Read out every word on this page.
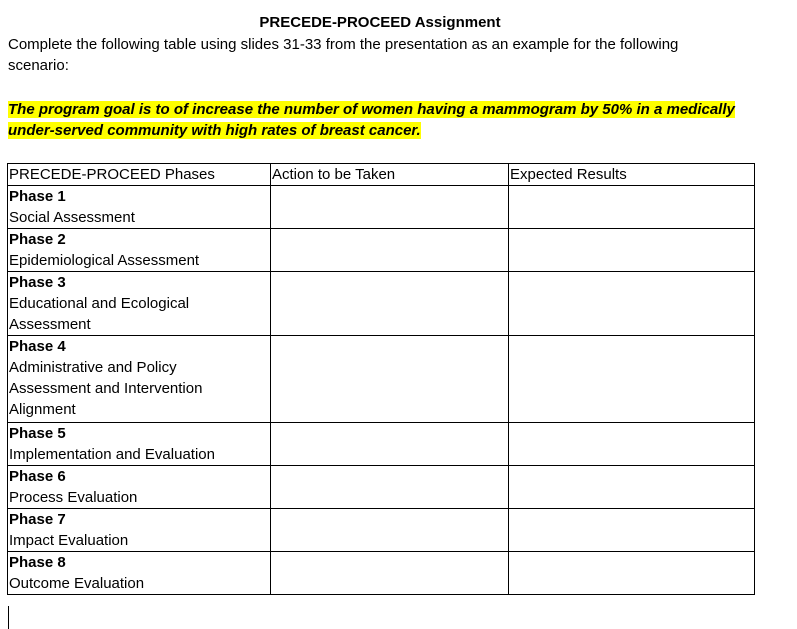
PRECEDE-PROCEED Assignment
Complete the following table using slides 31-33 from the presentation as an example for the following
scenario:
The program goal is to of increase the number of women having a mammogram by 50% in a medically
under-served community with high rates of breast cancer.
PRECEDE-PROCEED Phases	Action to be Taken	Expected Results

Phase 1
Social Assessment		

Phase 2
Epidemiological Assessment		

Phase 3
Educational and Ecological
Assessment		

Phase 4
Administrative and Policy
Assessment and Intervention
Alignment		

Phase 5
Implementation and Evaluation		

Phase 6
Process Evaluation		

Phase 7
Impact Evaluation		

Phase 8
Outcome Evaluation		
